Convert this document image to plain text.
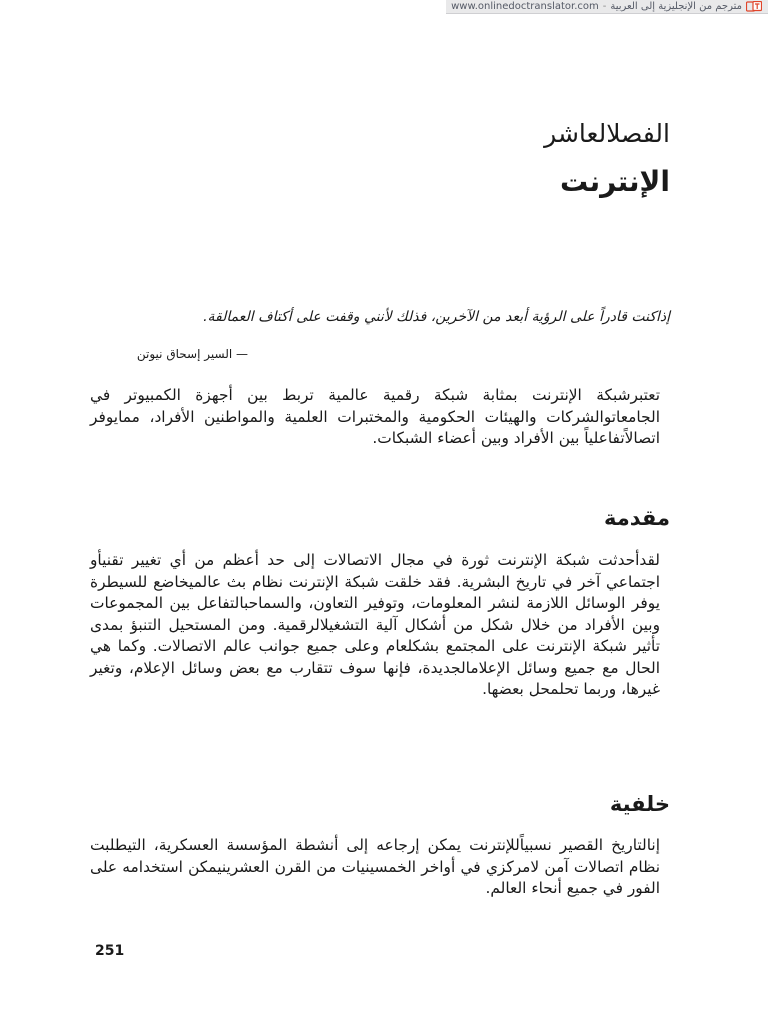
مترجم من الإنجليزية إلى العربية
-
www.onlinedoctranslator.com
الفصلالعاشر
الإنترنت

إذاكنت قادراً على الرؤية أبعد من الآخرين، فذلك لأنني وقفت على أكتاف العمالقة.

— السير إسحاق نيوتن

تعتبرشبكة الإنترنت بمثابة شبكة رقمية عالمية تربط بين أجهزة الكمبيوتر في الجامعاتوالشركات والهيئات الحكومية والمختبرات العلمية والمواطنين الأفراد، ممايوفر اتصالاًتفاعلياً بين الأفراد وبين أعضاء الشبكات.

مقدمة

لقدأحدثت شبكة الإنترنت ثورة في مجال الاتصالات إلى حد أعظم من أي تغيير تقنيأو اجتماعي آخر في تاريخ البشرية. فقد خلقت شبكة الإنترنت نظام بث عالميخاضع للسيطرة يوفر الوسائل اللازمة لنشر المعلومات، وتوفير التعاون، والسماحبالتفاعل بين المجموعات وبين الأفراد من خلال شكل من أشكال آلية التشغيلالرقمية. ومن المستحيل التنبؤ بمدى تأثير شبكة الإنترنت على المجتمع بشكلعام وعلى جميع جوانب عالم الاتصالات. وكما هي الحال مع جميع وسائل الإعلامالجديدة، فإنها سوف تتقارب مع بعض وسائل الإعلام، وتغير غيرها، وربما تحلمحل بعضها.

خلفية

إنالتاريخ القصير نسبياًللإنترنت يمكن إرجاعه إلى أنشطة المؤسسة العسكرية، التيطلبت نظام اتصالات آمن لامركزي في أواخر الخمسينيات من القرن العشرينيمكن استخدامه على الفور في جميع أنحاء العالم.

251
